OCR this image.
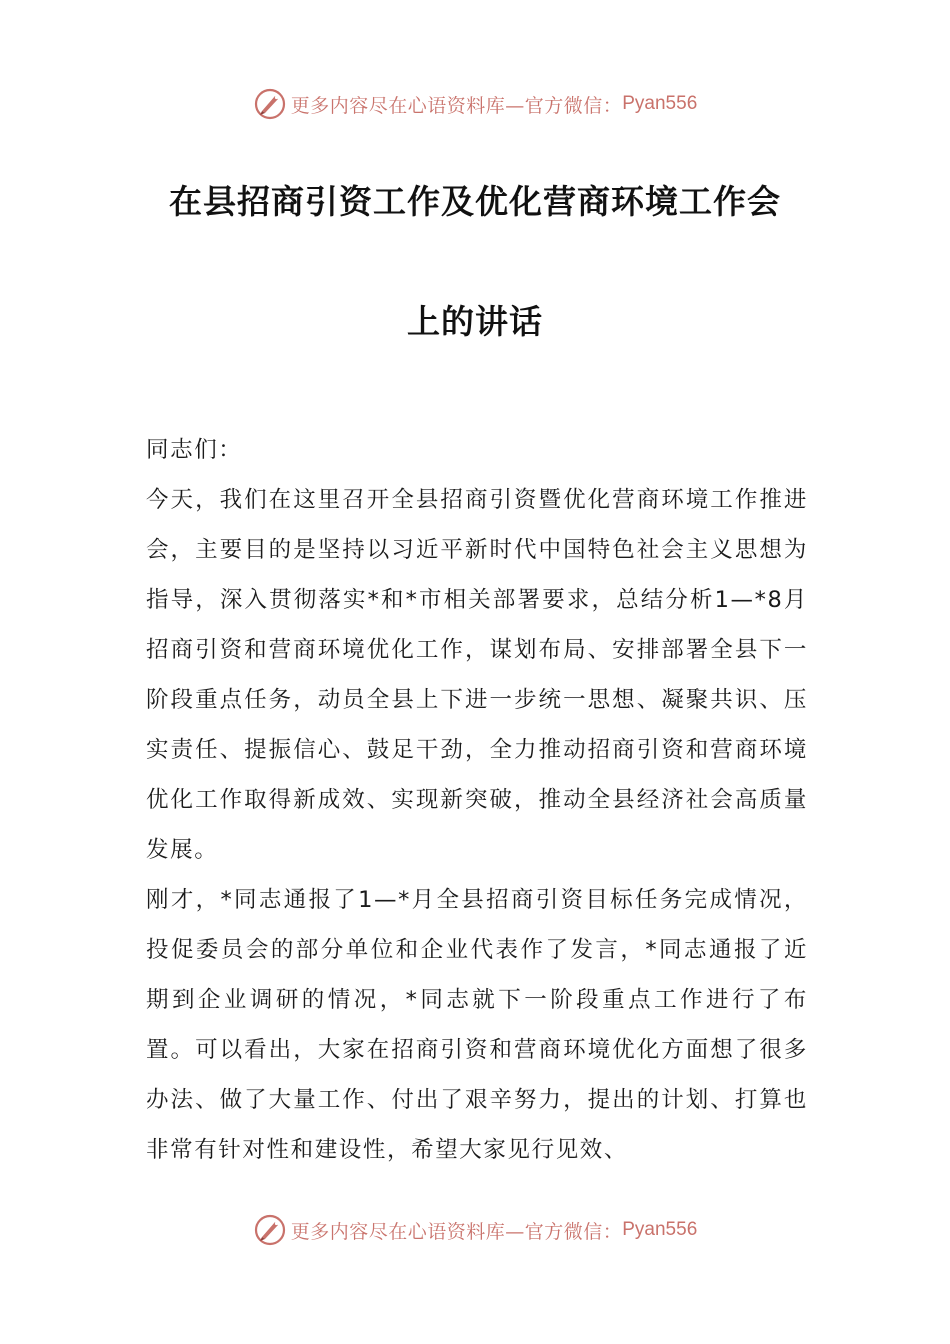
更多内容尽在心语资料库—官方微信： Pyan556
在县招商引资工作及优化营商环境工作会
上的讲话

同志们：

今天，我们在这里召开全县招商引资暨优化营商环境工作推进会，主要目的是坚持以习近平新时代中国特色社会主义思想为指导，深入贯彻落实*和*市相关部署要求，总结分析1—*8月招商引资和营商环境优化工作，谋划布局、安排部署全县下一阶段重点任务，动员全县上下进一步统一思想、凝聚共识、压实责任、提振信心、鼓足干劲，全力推动招商引资和营商环境优化工作取得新成效、实现新突破，推动全县经济社会高质量发展。

刚才，*同志通报了1—*月全县招商引资目标任务完成情况，投促委员会的部分单位和企业代表作了发言，*同志通报了近期到企业调研的情况，*同志就下一阶段重点工作进行了布置。可以看出，大家在招商引资和营商环境优化方面想了很多办法、做了大量工作、付出了艰辛努力，提出的计划、打算也非常有针对性和建设性，希望大家见行见效、

更多内容尽在心语资料库—官方微信： Pyan556
